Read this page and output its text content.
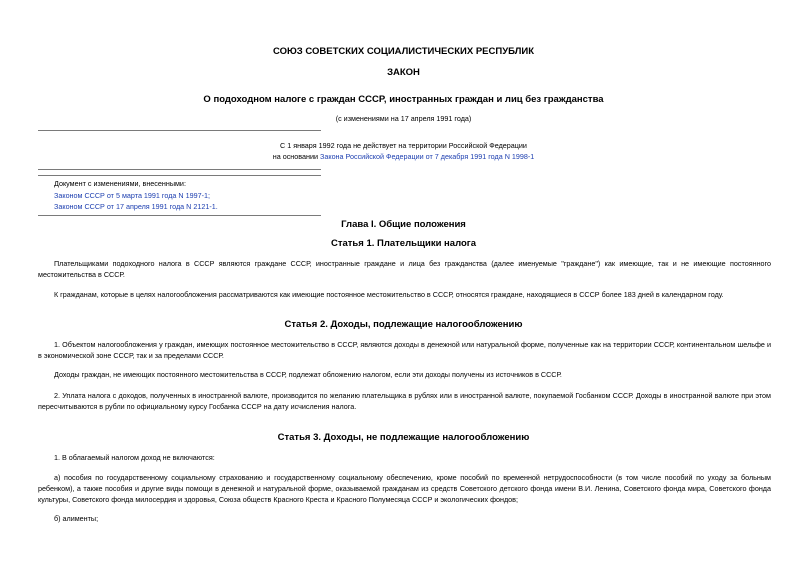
СОЮЗ СОВЕТСКИХ СОЦИАЛИСТИЧЕСКИХ РЕСПУБЛИК
ЗАКОН
О подоходном налоге с граждан СССР, иностранных граждан и лиц без гражданства
(с изменениями на 17 апреля 1991 года)
С 1 января 1992 года не действует на территории Российской Федерации
на основании Закона Российской Федерации от 7 декабря 1991 года N 1998-1
Документ с изменениями, внесенными:
Законом СССР от 5 марта 1991 года N 1997-1;
Законом СССР от 17 апреля 1991 года N 2121-1.
Глава I. Общие положения
Статья 1. Плательщики налога
Плательщиками подоходного налога в СССР являются граждане СССР, иностранные граждане и лица без гражданства (далее именуемые "граждане") как имеющие, так и не имеющие постоянного местожительства в СССР.
К гражданам, которые в целях налогообложения рассматриваются как имеющие постоянное местожительство в СССР, относятся граждане, находящиеся в СССР более 183 дней в календарном году.
Статья 2. Доходы, подлежащие налогообложению
1. Объектом налогообложения у граждан, имеющих постоянное местожительство в СССР, являются доходы в денежной или натуральной форме, полученные как на территории СССР, континентальном шельфе и в экономической зоне СССР, так и за пределами СССР.
Доходы граждан, не имеющих постоянного местожительства в СССР, подлежат обложению налогом, если эти доходы получены из источников в СССР.
2. Уплата налога с доходов, полученных в иностранной валюте, производится по желанию плательщика в рублях или в иностранной валюте, покупаемой Госбанком СССР. Доходы в иностранной валюте при этом пересчитываются в рубли по официальному курсу Госбанка СССР на дату исчисления налога.
Статья 3. Доходы, не подлежащие налогообложению
1. В облагаемый налогом доход не включаются:
а) пособия по государственному социальному страхованию и государственному социальному обеспечению, кроме пособий по временной нетрудоспособности (в том числе пособий по уходу за больным ребенком), а также пособия и другие виды помощи в денежной и натуральной форме, оказываемой гражданам из средств Советского детского фонда имени В.И. Ленина, Советского фонда мира, Советского фонда культуры, Советского фонда милосердия и здоровья, Союза обществ Красного Креста и Красного Полумесяца СССР и экологических фондов;
б) алименты;
